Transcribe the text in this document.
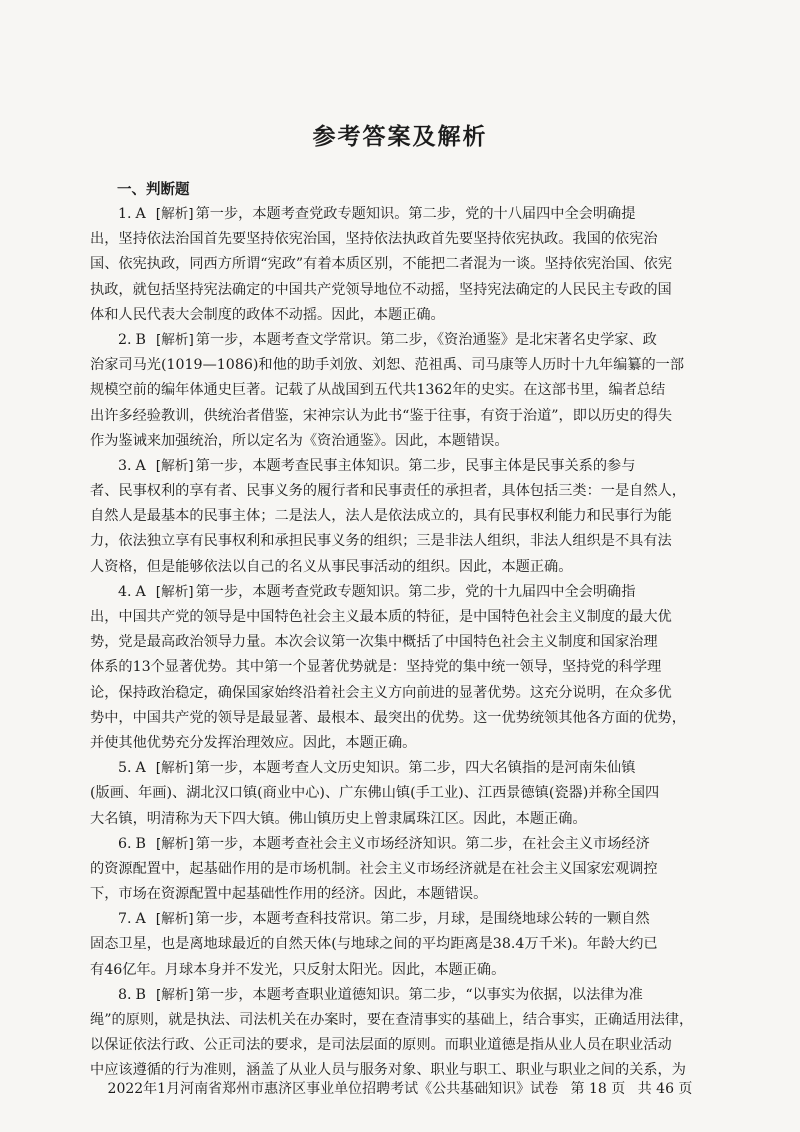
参考答案及解析
一、判断题
1. A [解析] 第一步，本题考查党政专题知识。第二步，党的十八届四中全会明确提
出，坚持依法治国首先要坚持依宪治国，坚持依法执政首先要坚持依宪执政。我国的依宪治
国、依宪执政，同西方所谓“宪政”有着本质区别，不能把二者混为一谈。坚持依宪治国、依宪
执政，就包括坚持宪法确定的中国共产党领导地位不动摇，坚持宪法确定的人民民主专政的国
体和人民代表大会制度的政体不动摇。因此，本题正确。
2. B [解析] 第一步，本题考查文学常识。第二步，《资治通鉴》是北宋著名史学家、政
治家司马光(1019—1086)和他的助手刘攽、刘恕、范祖禹、司马康等人历时十九年编纂的一部
规模空前的编年体通史巨著。记载了从战国到五代共1362年的史实。在这部书里，编者总结
出许多经验教训，供统治者借鉴，宋神宗认为此书“鉴于往事，有资于治道”，即以历史的得失
作为鉴诫来加强统治，所以定名为《资治通鉴》。因此，本题错误。
3. A [解析] 第一步，本题考查民事主体知识。第二步，民事主体是民事关系的参与
者、民事权利的享有者、民事义务的履行者和民事责任的承担者，具体包括三类：一是自然人，
自然人是最基本的民事主体；二是法人，法人是依法成立的，具有民事权利能力和民事行为能
力，依法独立享有民事权利和承担民事义务的组织；三是非法人组织，非法人组织是不具有法
人资格，但是能够依法以自己的名义从事民事活动的组织。因此，本题正确。
4. A [解析] 第一步，本题考查党政专题知识。第二步，党的十九届四中全会明确指
出，中国共产党的领导是中国特色社会主义最本质的特征，是中国特色社会主义制度的最大优
势，党是最高政治领导力量。本次会议第一次集中概括了中国特色社会主义制度和国家治理
体系的13个显著优势。其中第一个显著优势就是：坚持党的集中统一领导，坚持党的科学理
论，保持政治稳定，确保国家始终沿着社会主义方向前进的显著优势。这充分说明，在众多优
势中，中国共产党的领导是最显著、最根本、最突出的优势。这一优势统领其他各方面的优势，
并使其他优势充分发挥治理效应。因此，本题正确。
5. A [解析] 第一步，本题考查人文历史知识。第二步，四大名镇指的是河南朱仙镇
(版画、年画)、湖北汉口镇(商业中心)、广东佛山镇(手工业)、江西景德镇(瓷器)并称全国四
大名镇，明清称为天下四大镇。佛山镇历史上曾隶属珠江区。因此，本题正确。
6. B [解析] 第一步，本题考查社会主义市场经济知识。第二步，在社会主义市场经济
的资源配置中，起基础作用的是市场机制。社会主义市场经济就是在社会主义国家宏观调控
下，市场在资源配置中起基础性作用的经济。因此，本题错误。
7. A [解析] 第一步，本题考查科技常识。第二步，月球，是围绕地球公转的一颗自然
固态卫星，也是离地球最近的自然天体(与地球之间的平均距离是38.4万千米)。年龄大约已
有46亿年。月球本身并不发光，只反射太阳光。因此，本题正确。
8. B [解析] 第一步，本题考查职业道德知识。第二步，“以事实为依据，以法律为准
绳”的原则，就是执法、司法机关在办案时，要在查清事实的基础上，结合事实，正确适用法律，
以保证依法行政、公正司法的要求，是司法层面的原则。而职业道德是指从业人员在职业活动
中应该遵循的行为准则，涵盖了从业人员与服务对象、职业与职工、职业与职业之间的关系，为
2022年1月河南省郑州市惠济区事业单位招聘考试《公共基础知识》试卷 第 18 页 共 46 页
